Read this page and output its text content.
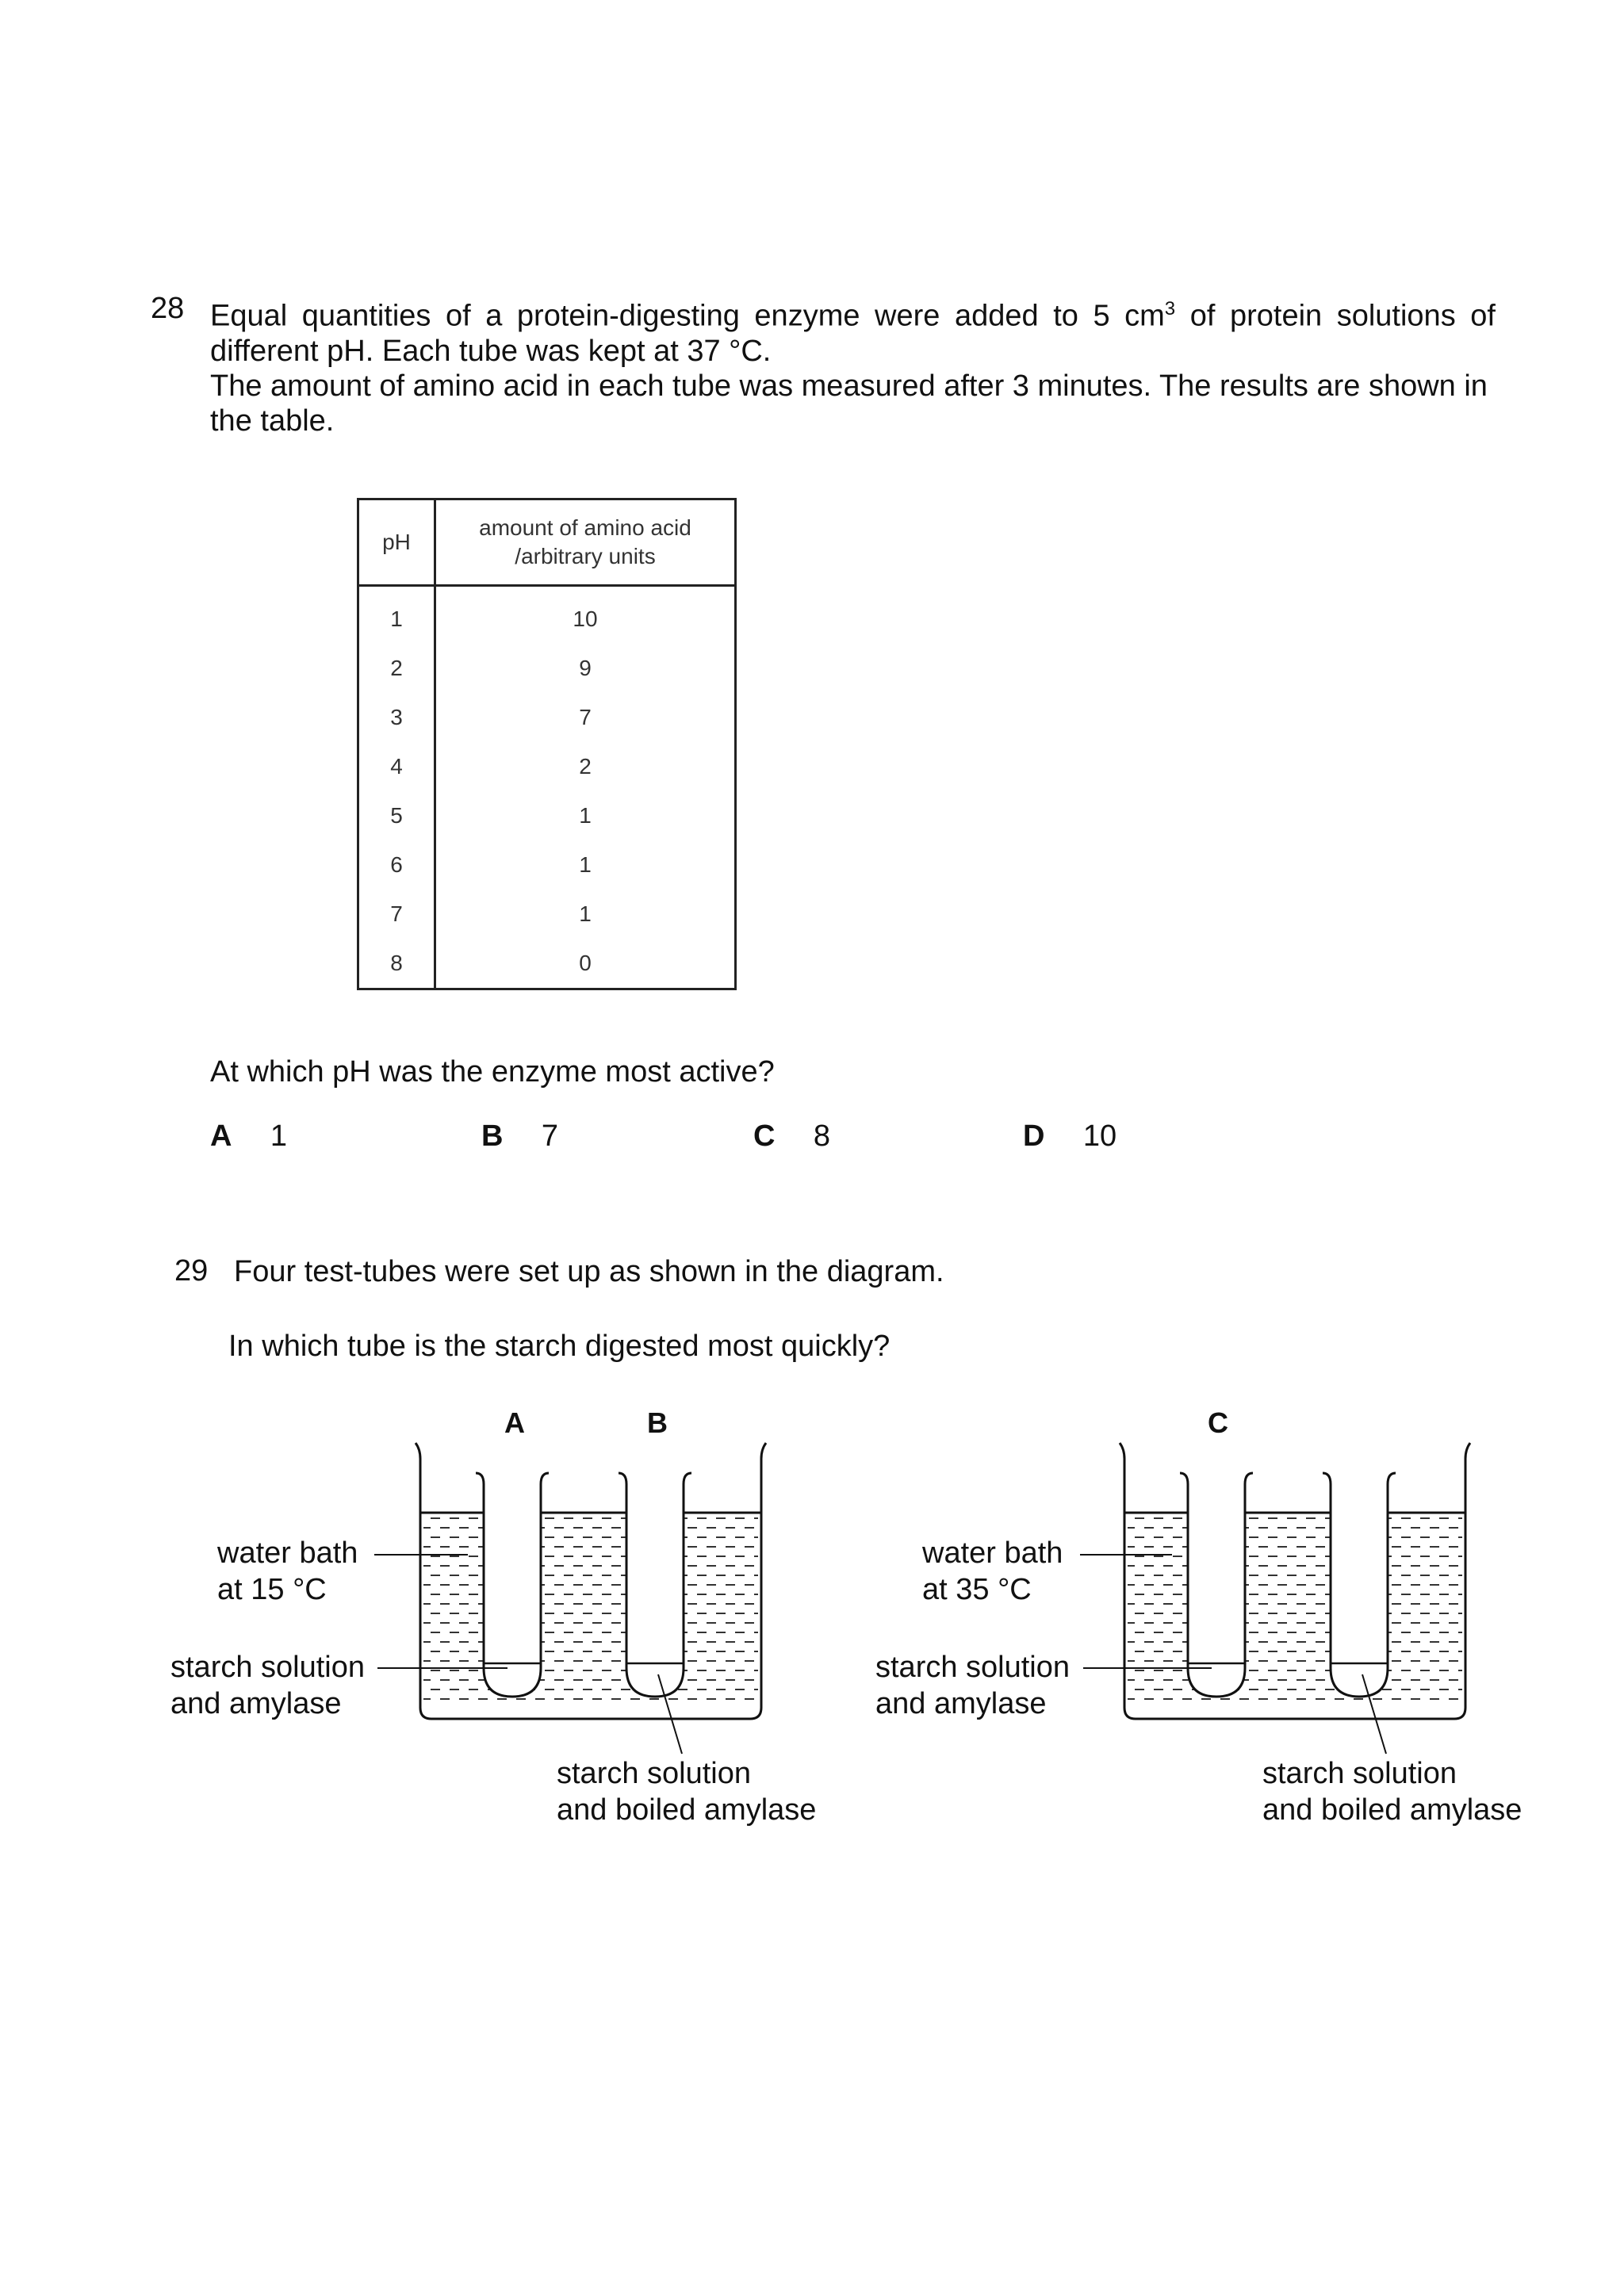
28 Equal quantities of a protein-digesting enzyme were added to 5 $cm^3$ of protein solutions of
different pH. Each tube was kept at 37 °C.
The amount of amino acid in each tube was measured after 3 minutes. The results are shown in
the table.
pH	amount of amino acid
/arbitrary units

1	10
2	9
3	7
4	2
5	1
6	1
7	1
8	0
At which pH was the enzyme most active?
A 1	B 7	C 8	D 10
29 Four test-tubes were set up as shown in the diagram.
In which tube is the starch digested most quickly?
A	B
water bath
at 15 °C
starch solution
and amylase
starch solution
and boiled amylase
C
water bath
at 35 °C
starch solution
and amylase
starch solution
and boiled amylase
